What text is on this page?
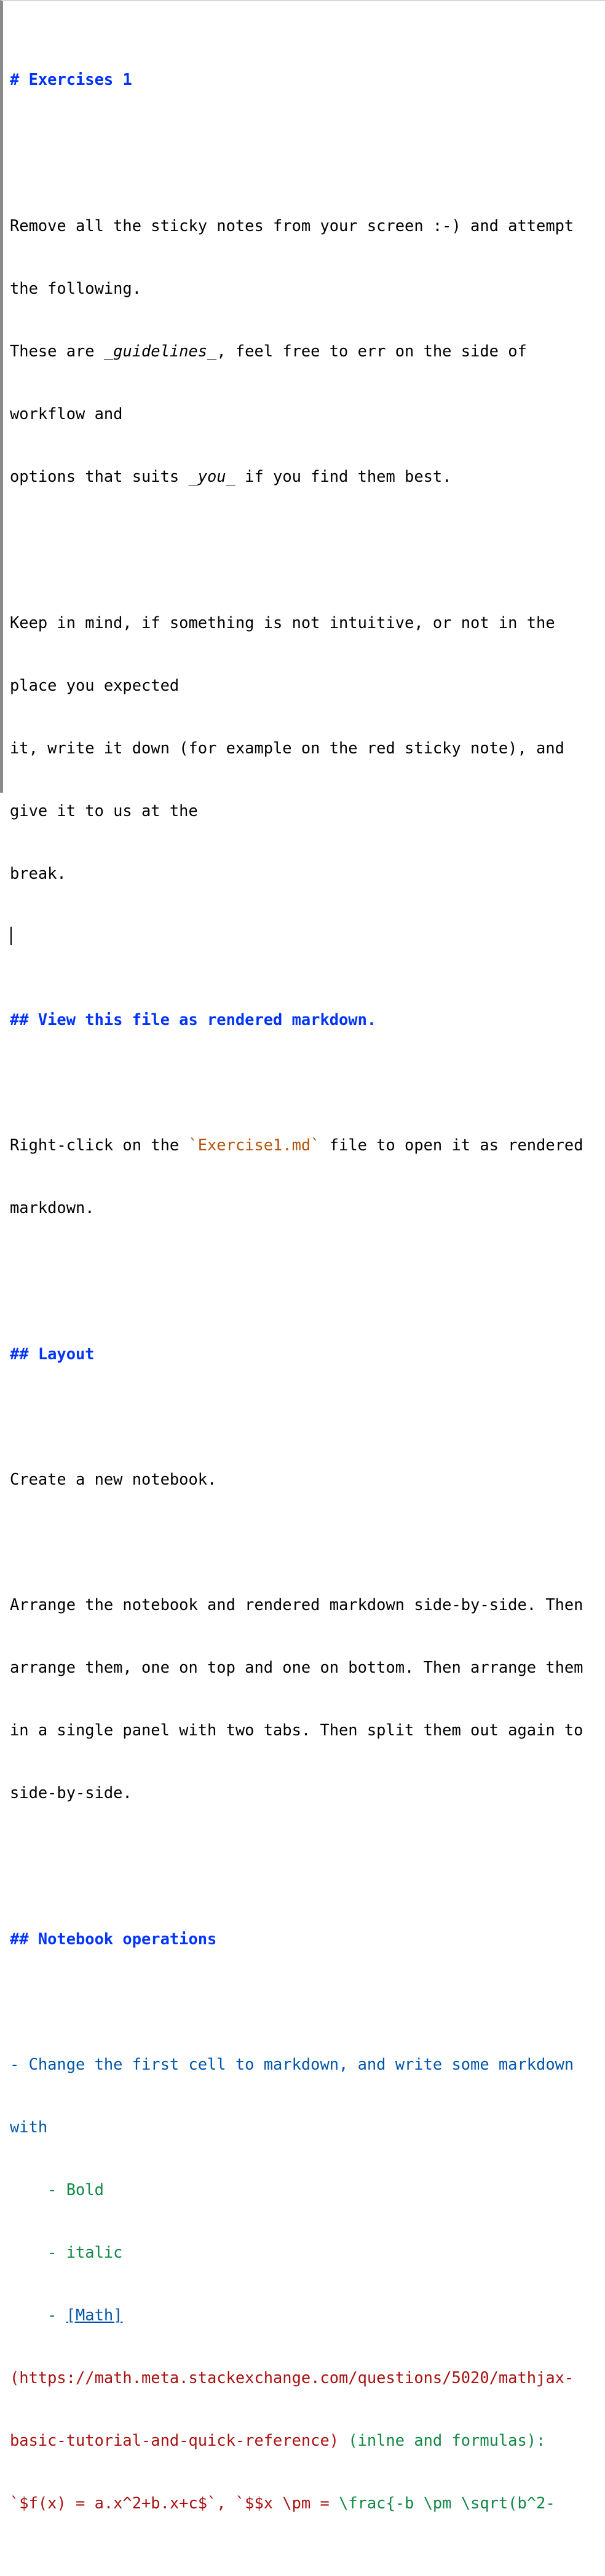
# Exercises 1

Remove all the sticky notes from your screen :-) and attempt

the following.

These are _guidelines_, feel free to err on the side of

workflow and

options that suits _you_ if you find them best.

Keep in mind, if something is not intuitive, or not in the

place you expected

it, write it down (for example on the red sticky note), and

give it to us at the

break.

## View this file as rendered markdown.

Right-click on the `Exercise1.md` file to open it as rendered

markdown.

## Layout

Create a new notebook.

Arrange the notebook and rendered markdown side-by-side. Then

arrange them, one on top and one on bottom. Then arrange them

in a single panel with two tabs. Then split them out again to

side-by-side.

## Notebook operations

- Change the first cell to markdown, and write some markdown

with

- Bold

- italic

- [Math]

(https://math.meta.stackexchange.com/questions/5020/mathjax-

basic-tutorial-and-quick-reference) (inlne and formulas):

`$f(x) = a.x^2+b.x+c$`, `$$x \pm = \frac{-b \pm \sqrt(b^2-
